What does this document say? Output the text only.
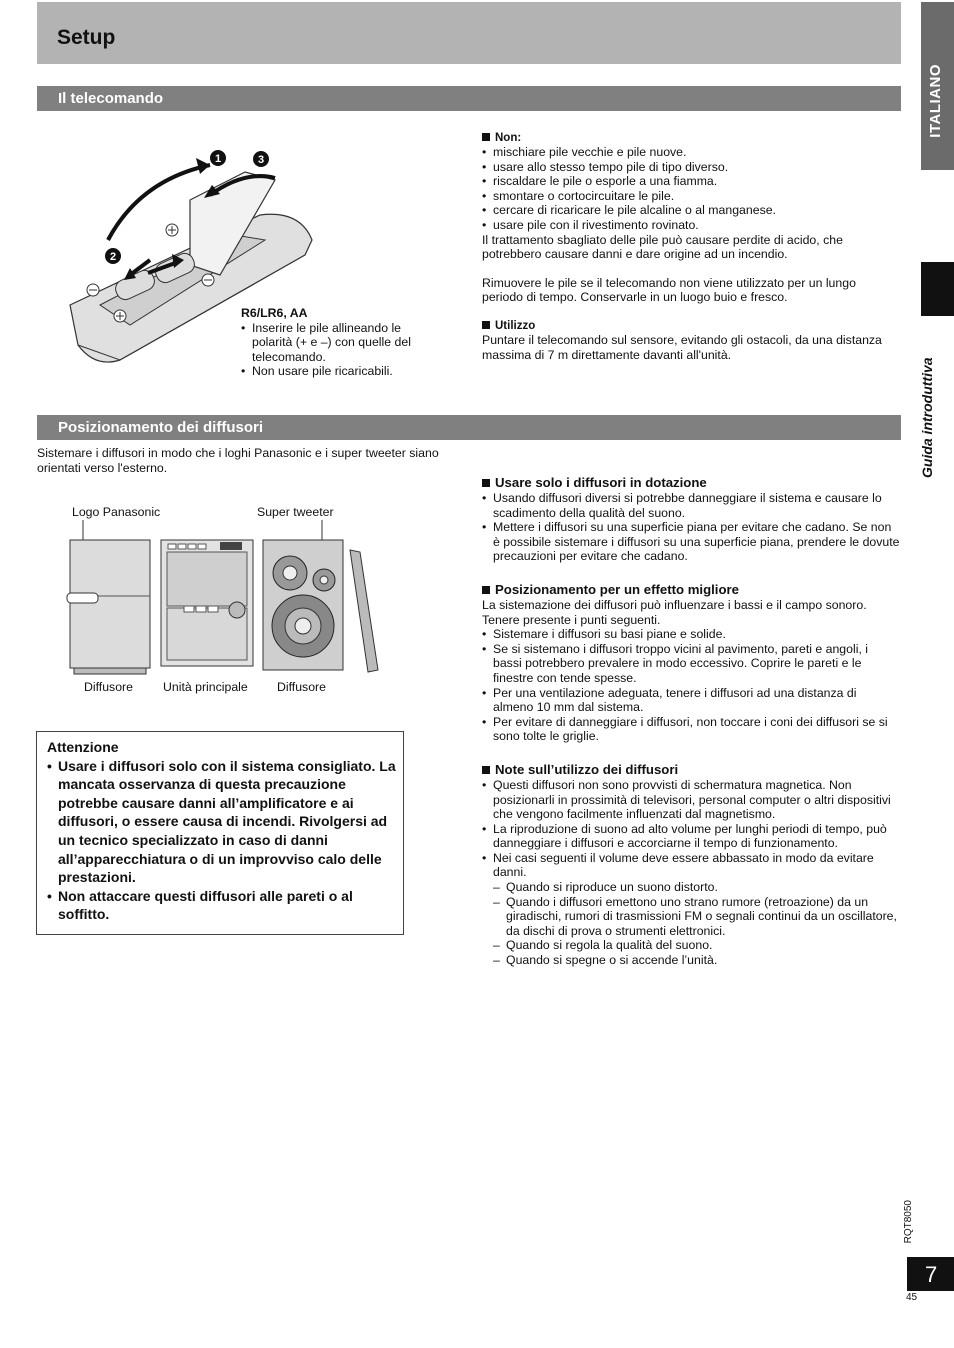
Setup
ITALIANO
Guida introduttiva
Il telecomando
1
2
3

R6/LR6, AA

• Inserire le pile allineando le polarità (+ e –) con quelle del telecomando.
• Non usare pile ricaricabili.
Non:
• mischiare pile vecchie e pile nuove.
• usare allo stesso tempo pile di tipo diverso.
• riscaldare le pile o esporle a una fiamma.
• smontare o cortocircuitare le pile.
• cercare di ricaricare le pile alcaline o al manganese.
• usare pile con il rivestimento rovinato.

Il trattamento sbagliato delle pile può causare perdite di acido, che potrebbero causare danni e dare origine ad un incendio.

Rimuovere le pile se il telecomando non viene utilizzato per un lungo periodo di tempo. Conservarle in un luogo buio e fresco.

Utilizzo

Puntare il telecomando sul sensore, evitando gli ostacoli, da una distanza massima di 7 m direttamente davanti all'unità.

Posizionamento dei diffusori
Sistemare i diffusori in modo che i loghi Panasonic e i super tweeter siano orientati verso l'esterno.
Logo Panasonic	Super tweeter
Diffusore Unità principale Diffusore
Attenzione
• Usare i diffusori solo con il sistema consigliato. La mancata osservanza di questa precauzione potrebbe causare danni all’amplificatore e ai diffusori, o essere causa di incendi. Rivolgersi ad un tecnico specializzato in caso di danni all’apparecchiatura o di un improvviso calo delle prestazioni.
• Non attaccare questi diffusori alle pareti o al soffitto.
Usare solo i diffusori in dotazione
• Usando diffusori diversi si potrebbe danneggiare il sistema e causare lo scadimento della qualità del suono.
• Mettere i diffusori su una superficie piana per evitare che cadano. Se non è possibile sistemare i diffusori su una superficie piana, prendere le dovute precauzioni per evitare che cadano.
Posizionamento per un effetto migliore

La sistemazione dei diffusori può influenzare i bassi e il campo sonoro. Tenere presente i punti seguenti.

• Sistemare i diffusori su basi piane e solide.
• Se si sistemano i diffusori troppo vicini al pavimento, pareti e angoli, i bassi potrebbero prevalere in modo eccessivo. Coprire le pareti e le finestre con tende spesse.
• Per una ventilazione adeguata, tenere i diffusori ad una distanza di almeno 10 mm dal sistema.
• Per evitare di danneggiare i diffusori, non toccare i coni dei diffusori se si sono tolte le griglie.
Note sull’utilizzo dei diffusori
• Questi diffusori non sono provvisti di schermatura magnetica. Non posizionarli in prossimità di televisori, personal computer o altri dispositivi che vengono facilmente influenzati dal magnetismo.
• La riproduzione di suono ad alto volume per lunghi periodi di tempo, può danneggiare i diffusori e accorciarne il tempo di funzionamento.
• Nei casi seguenti il volume deve essere abbassato in modo da evitare danni.
– Quando si riproduce un suono distorto.
– Quando i diffusori emettono uno strano rumore (retroazione) da un giradischi, rumori di trasmissioni FM o segnali continui da un oscillatore, da dischi di prova o strumenti elettronici.
– Quando si regola la qualità del suono.
– Quando si spegne o si accende l’unità.
RQT8050
7
45
